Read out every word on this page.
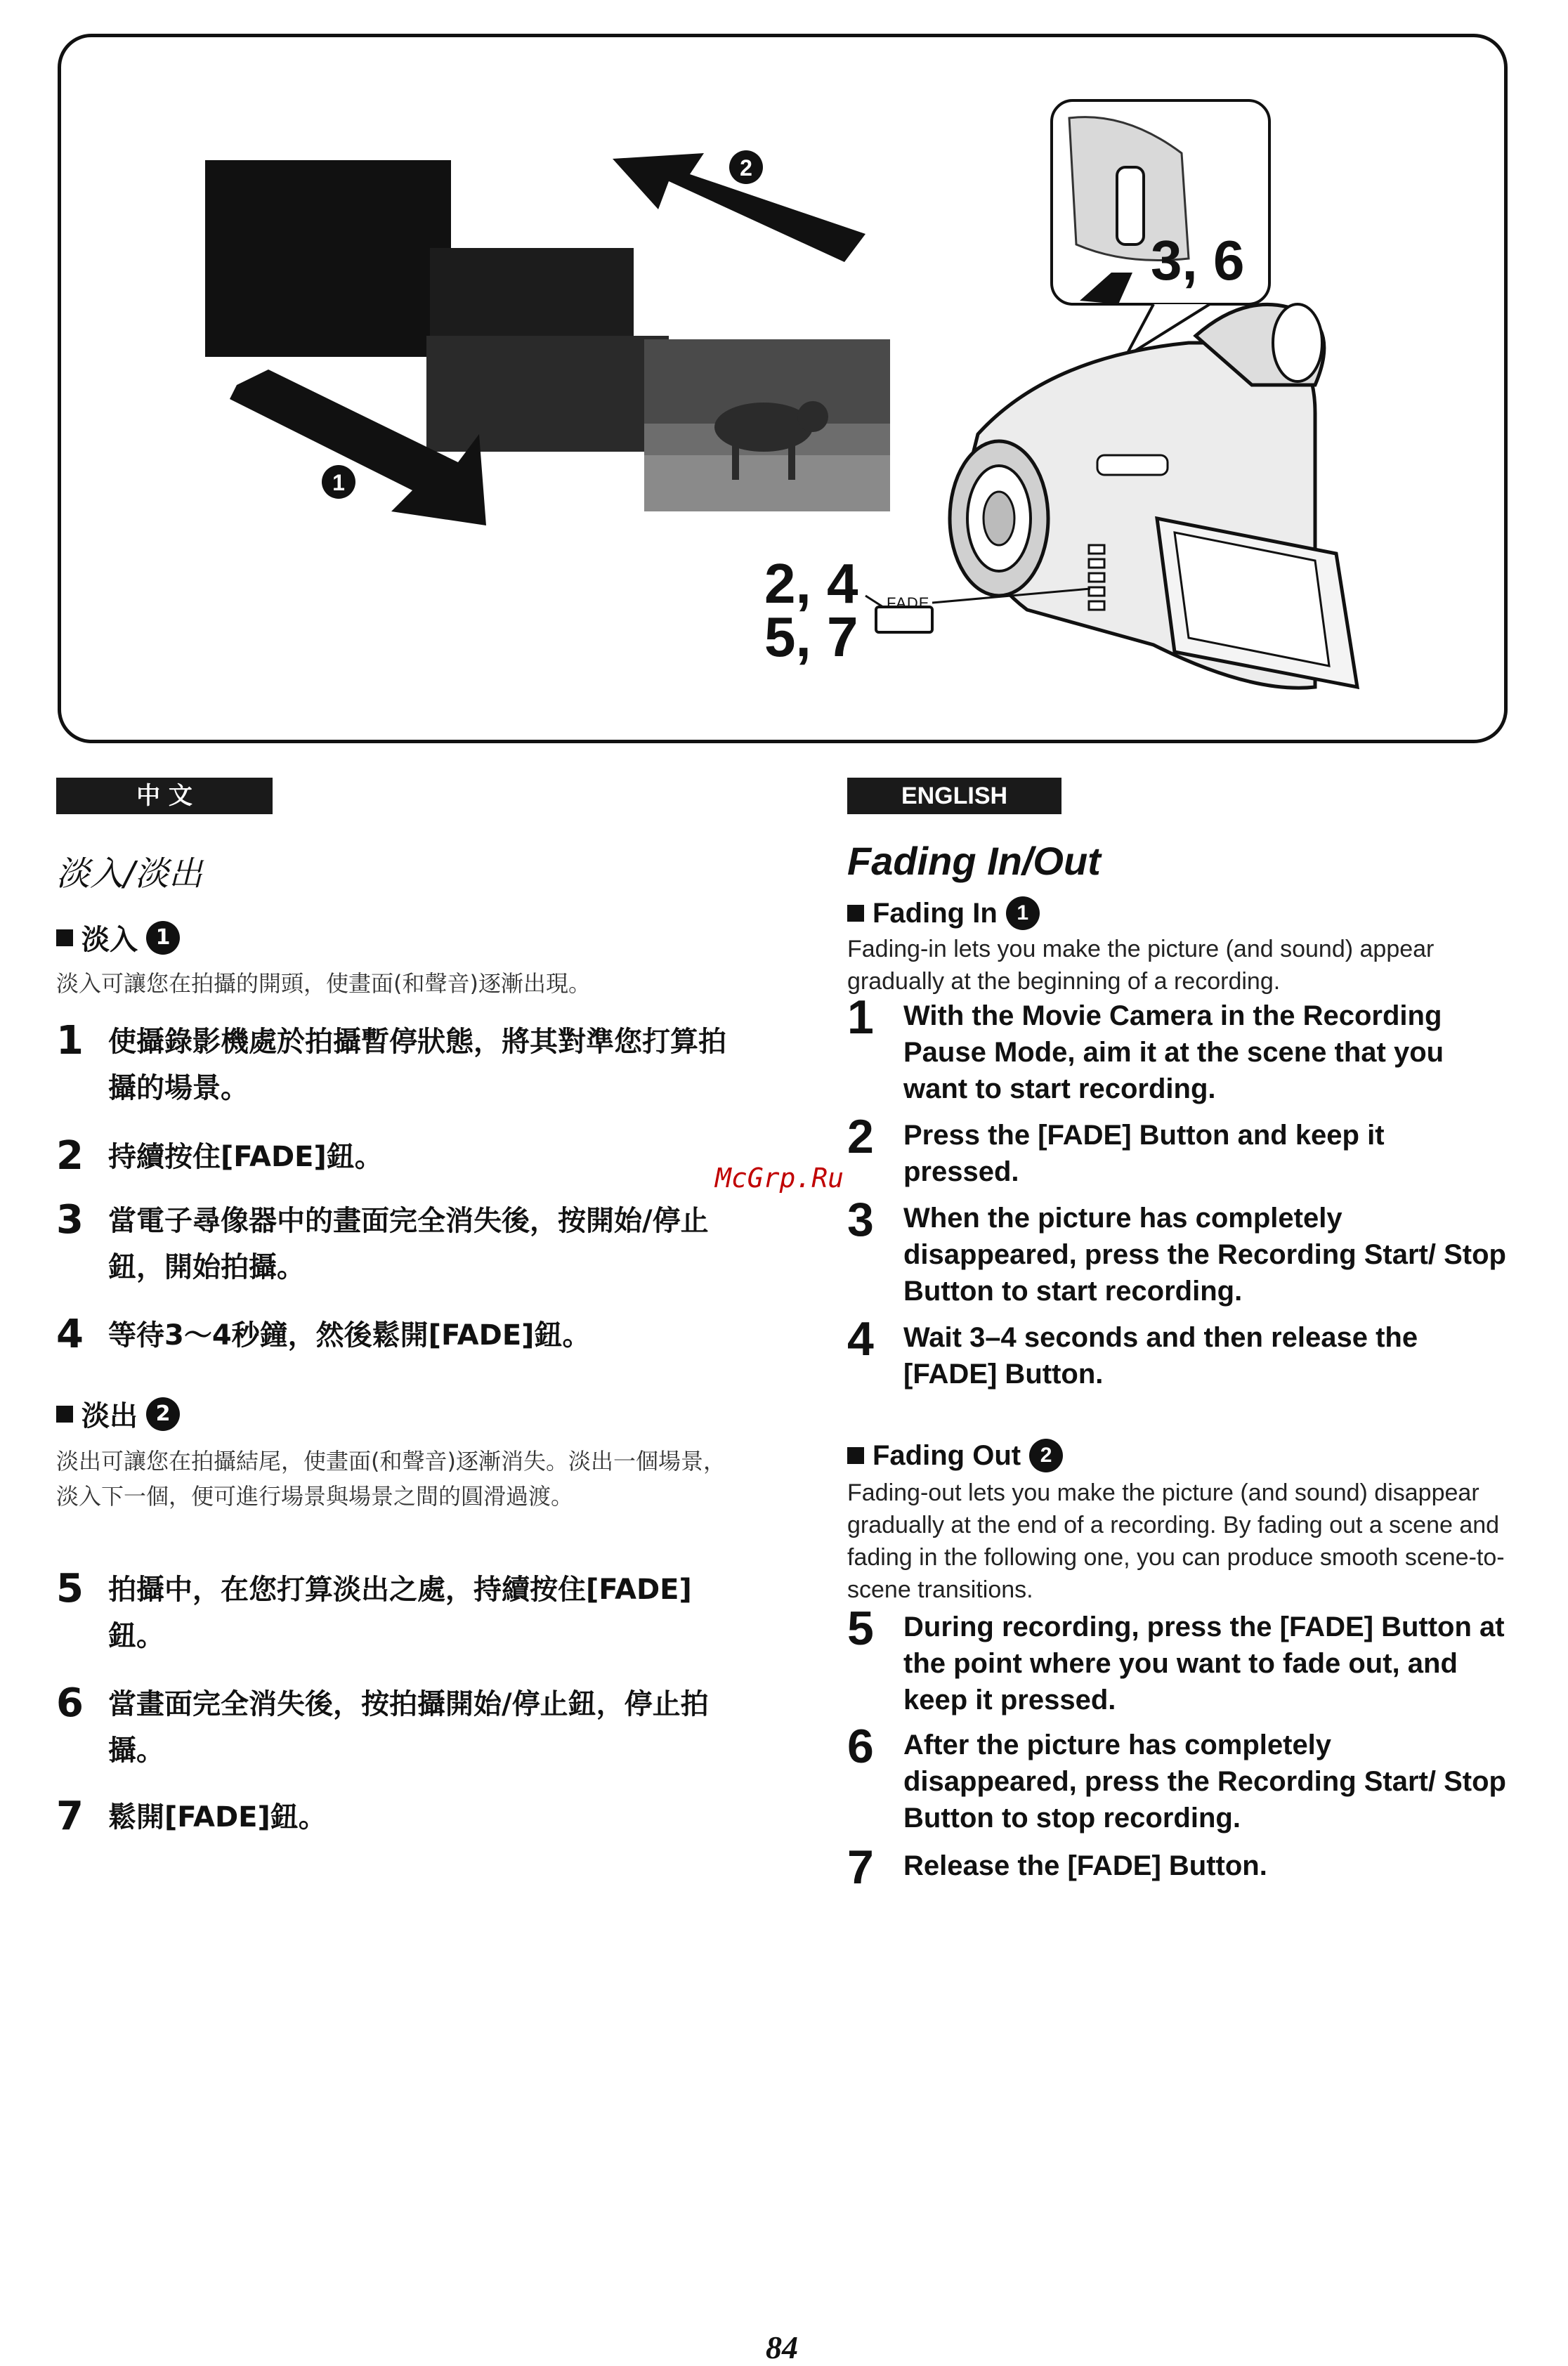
1
2
3, 6
2, 4
5, 7
FADE
中 文
淡入/淡出
淡入 1
淡入可讓您在拍攝的開頭，使畫面(和聲音)逐漸出現。
1 使攝錄影機處於拍攝暫停狀態，將其對準您打算拍攝的場景。
2 持續按住[FADE]鈕。
3 當電子尋像器中的畫面完全消失後，按開始/停止鈕，開始拍攝。
4 等待3～4秒鐘，然後鬆開[FADE]鈕。
淡出 2
淡出可讓您在拍攝結尾，使畫面(和聲音)逐漸消失。淡出一個場景，淡入下一個，便可進行場景與場景之間的圓滑過渡。
5 拍攝中，在您打算淡出之處，持續按住[FADE]鈕。
6 當畫面完全消失後，按拍攝開始/停止鈕，停止拍攝。
7 鬆開[FADE]鈕。
ENGLISH
Fading In/Out
Fading In 1
Fading-in lets you make the picture (and sound) appear gradually at the beginning of a recording.
1	With the Movie Camera in the Recording Pause Mode, aim it at the scene that you want to start recording.
2	Press the [FADE] Button and keep it pressed.
3	When the picture has completely disappeared, press the Recording Start/ Stop Button to start recording.
4	Wait 3–4 seconds and then release the [FADE] Button.
Fading Out 2
Fading-out lets you make the picture (and sound) disappear gradually at the end of a recording. By fading out a scene and fading in the following one, you can produce smooth scene-to-scene transitions.
5	During recording, press the [FADE] Button at the point where you want to fade out, and keep it pressed.
6	After the picture has completely disappeared, press the Recording Start/ Stop Button to stop recording.
7	Release the [FADE] Button.
McGrp.Ru
84
